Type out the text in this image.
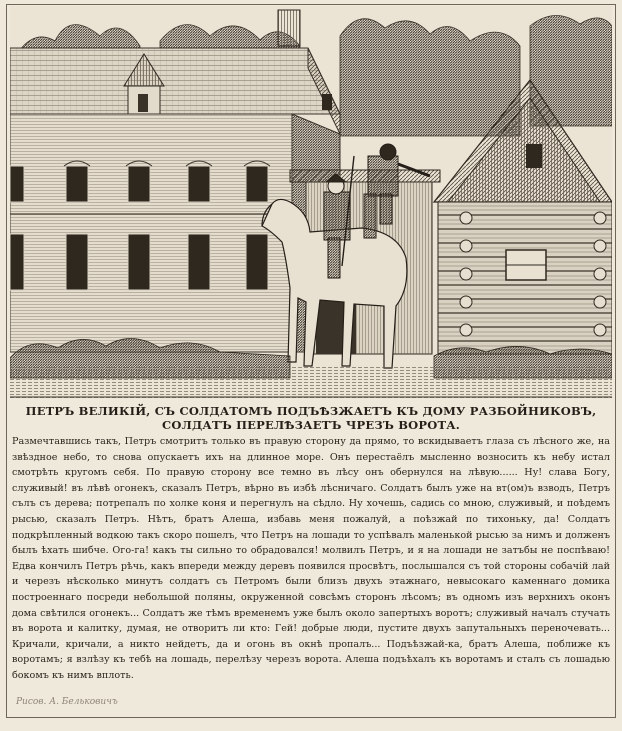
ПЕТРЪ ВЕЛИКІЙ, СЪ СОЛДАТОМЪ ПОДЪѢЗЖАЕТЪ КЪ ДОМУ РАЗБОЙНИКОВЪ, СОЛДАТЪ ПЕРЕЛѢЗАЕТЪ ЧРЕЗЪ ВОРОТА.
Размечтавшись такъ, Петръ смотритъ только въ правую сторону да прямо, то вскидываетъ глаза съ лѣсного же, на звѣздное небо, то снова опускаетъ ихъ на длинное море. Онъ перестаёлъ мысленно возносить къ небу истал смотрѣть кругомъ себя. По правую сторону все темно въ лѣсу онъ обернулся на лѣвую...... Ну! слава Богу, служивый! въ лѣвѣ огонекъ, сказалъ Петръ, вѣрно въ избѣ лѣсничаго. Солдатъ былъ уже на вт(ом)ъ взводъ, Петръ сълъ съ дерева; потрепалъ по холке коня и перегнулъ на сѣдло. Ну хочешь, садись со мною, служивый, и поѣдемъ рысью, сказалъ Петръ. Нѣтъ, братъ Алеша, избавь меня пожалуй, а поѣзжай по тихоньку, да! Солдатъ подкрѣпленный водкою такъ скоро пошелъ, что Петръ на лошади то успѣвалъ маленькой рысью за нимъ и долженъ былъ ѣхать шибче. Ого-га! какъ ты сильно то обрадовался! молвилъ Петръ, и я на лошади не затъбы не поспѣваю! Едва кончилъ Петръ рѣчь, какъ впереди между деревъ появился просвѣтъ, послышался съ той стороны собачій лай и черезъ нѣсколько минутъ солдатъ съ Петромъ были близъ двухъ этажнаго, невысокаго каменнаго домика построеннаго посреди небольшой поляны, окруженной совсѣмъ сторонъ лѣсомъ; въ одномъ изъ верхнихъ оконъ дома свѣтился огонекъ... Солдатъ же тѣмъ временемъ уже былъ около запертыхъ воротъ; служивый началъ стучать въ ворота и калитку, думая, не отворитъ ли кто: Гей! добрые люди, пустите двухъ запутальныхъ переночевать... Кричали, кричали, а никто нейдетъ, да и огонь въ окнѣ пропалъ... Подъѣзжай-ка, братъ Алеша, поближе къ воротамъ; я взлѣзу къ тебѣ на лошадь, перелѣзу черезъ ворота. Алеша подъѣхалъ къ воротамъ и сталъ съ лошадью бокомъ къ нимъ вплоть.
Рисов. А. Бельковичъ
